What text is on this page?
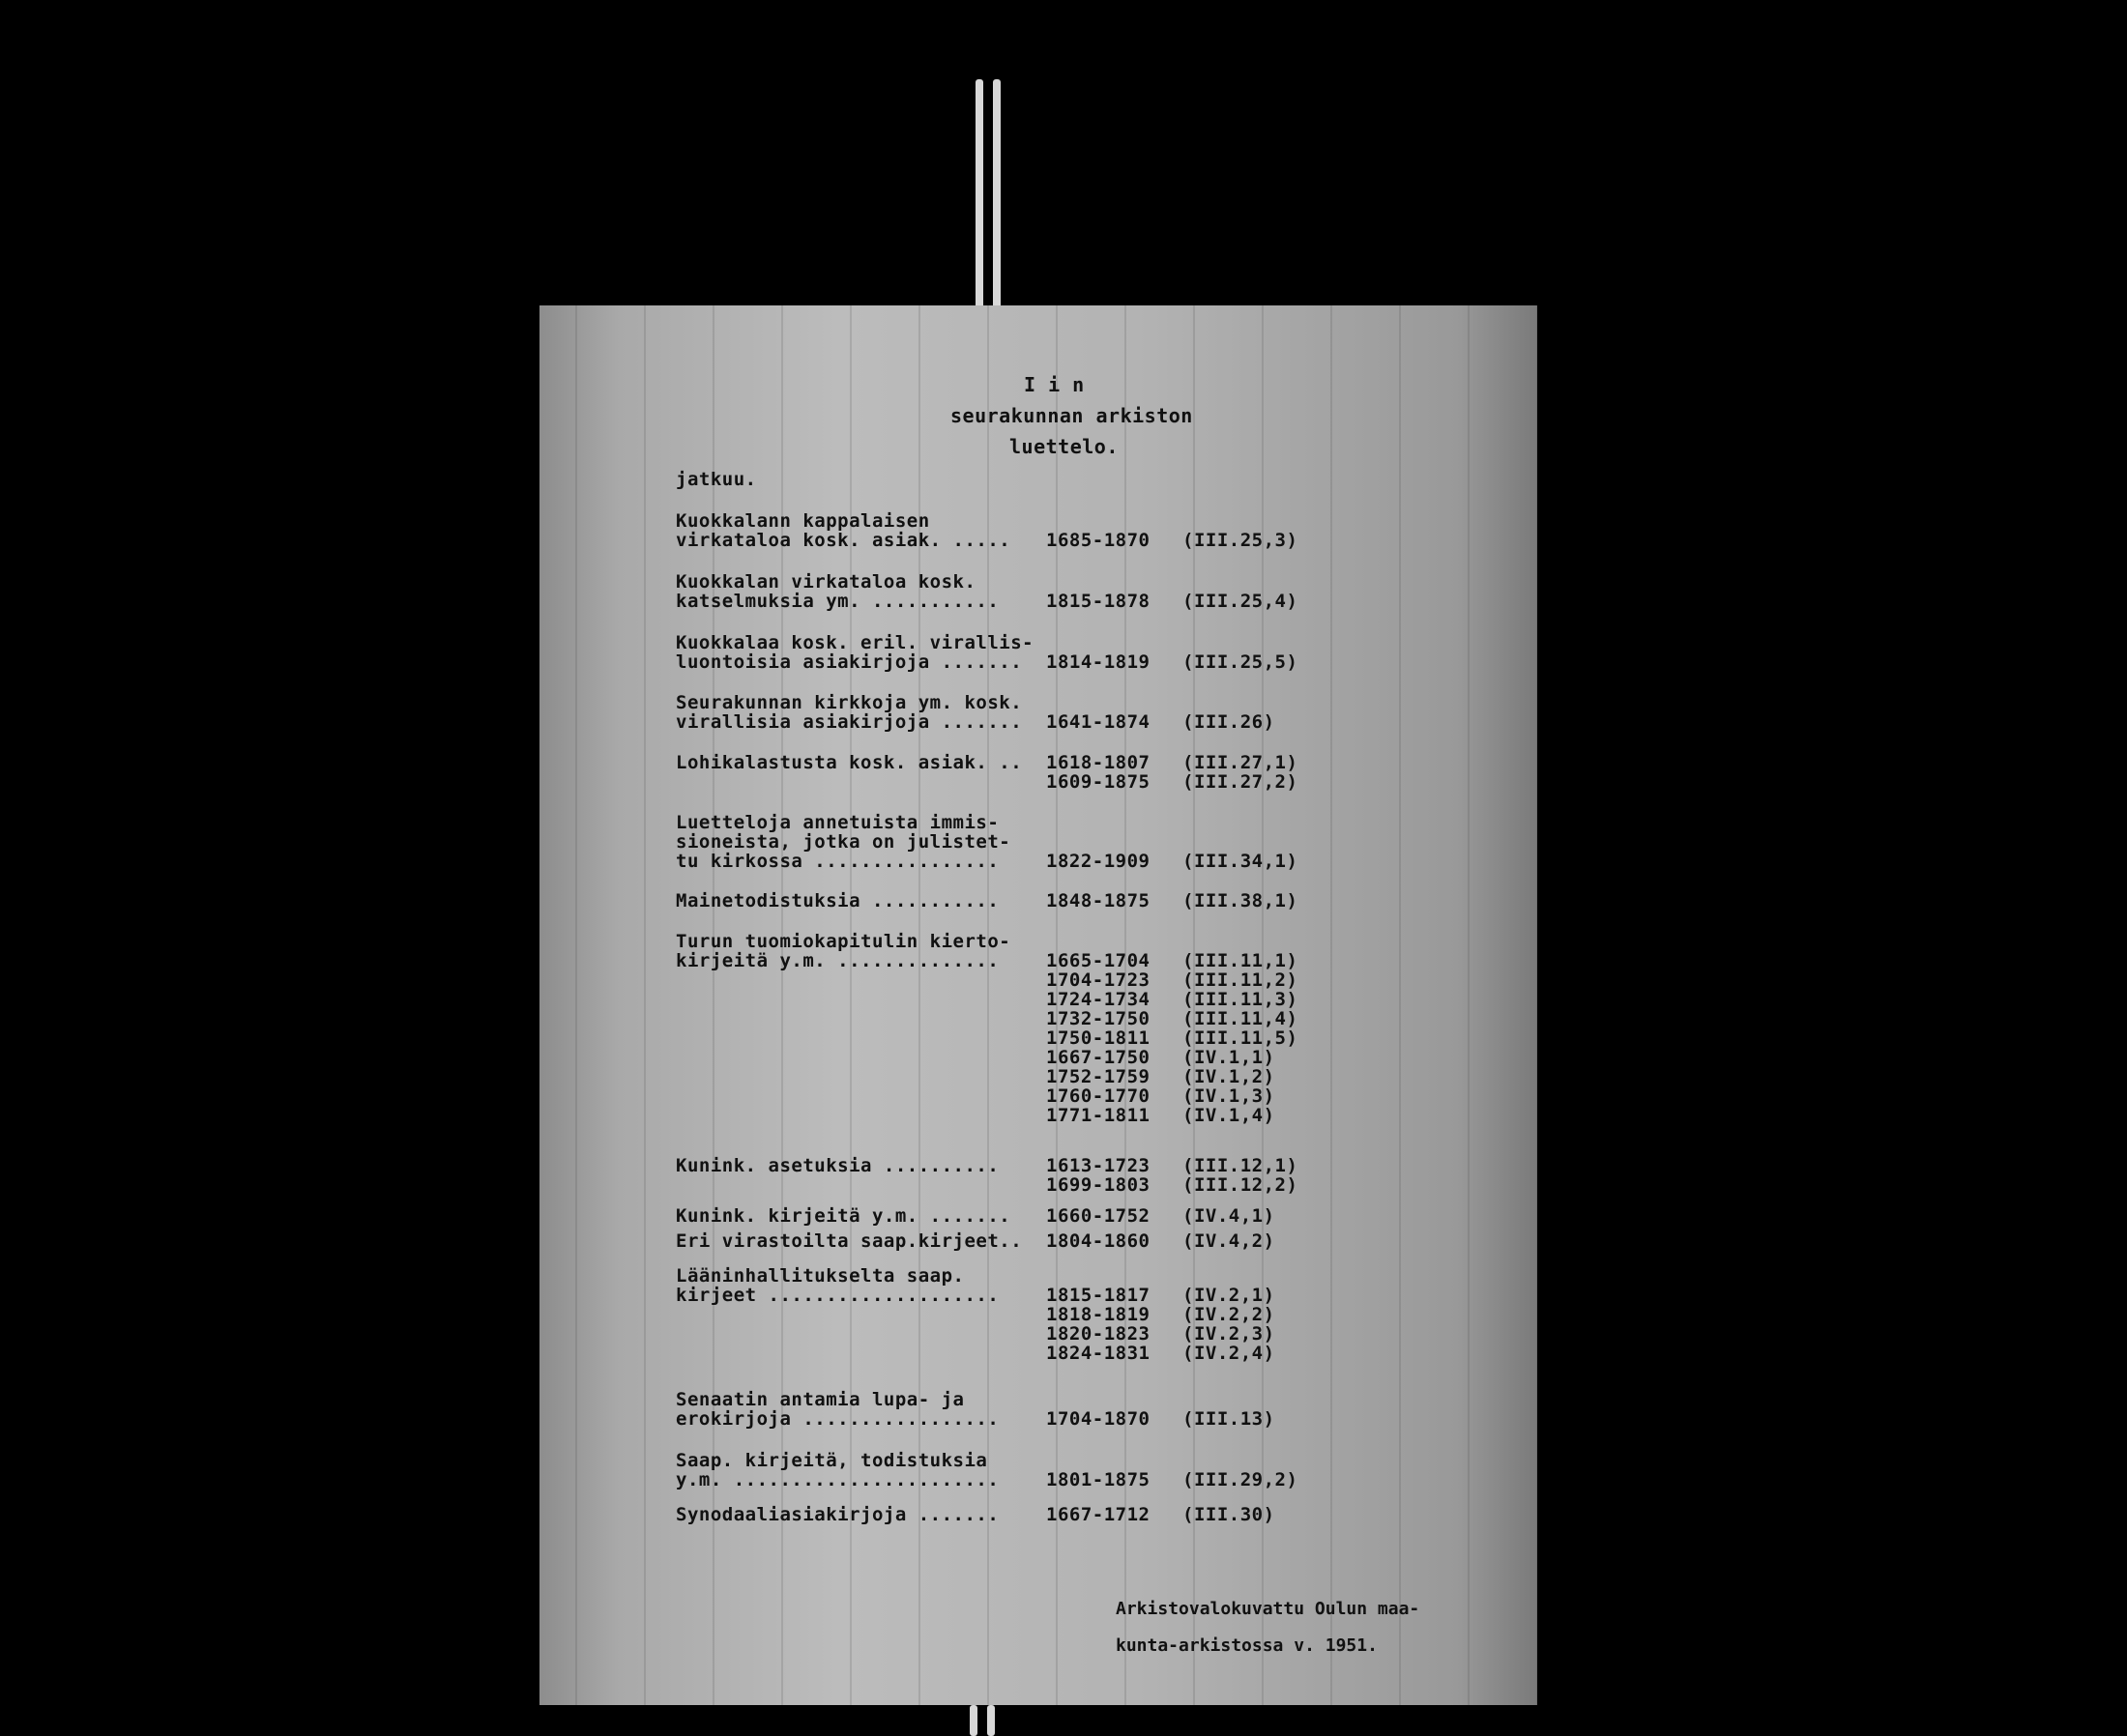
I i n
seurakunnan arkiston
luettelo.
jatkuu.
Kuokkalann kappalaisen
virkataloa kosk. asiak. ..... 1685-1870 (III.25,3)
Kuokkalan virkataloa kosk.
katselmuksia ym. ...........	1815-1878 (III.25,4)
Kuokkalaa kosk. eril. virallis-
luontoisia asiakirjoja .......	1814-1819 (III.25,5)
Seurakunnan kirkkoja ym. kosk.
virallisia asiakirjoja ....... 1641-1874 (III.26)
Lohikalastusta kosk. asiak. .. 1618-1807 (III.27,1)
1609-1875 (III.27,2)
Luetteloja annetuista immis-
sioneista, jotka on julistet-
tu kirkossa ................	1822-1909 (III.34,1)
Mainetodistuksia ...........	1848-1875 (III.38,1)
Turun tuomiokapitulin kierto-
kirjeitä y.m. ..............	1665-1704 (III.11,1)
1704-1723 (III.11,2)
1724-1734 (III.11,3)
1732-1750 (III.11,4)
1750-1811 (III.11,5)
1667-1750 (IV.1,1)
1752-1759 (IV.1,2)
1760-1770 (IV.1,3)
1771-1811 (IV.1,4)
Kunink. asetuksia ..........	1613-1723 (III.12,1)
1699-1803 (III.12,2)
Kunink. kirjeitä y.m. ....... 1660-1752 (IV.4,1)
Eri virastoilta saap.kirjeet.. 1804-1860 (IV.4,2)
Lääninhallitukselta saap.
kirjeet ....................	1815-1817 (IV.2,1)
1818-1819 (IV.2,2)
1820-1823 (IV.2,3)
1824-1831 (IV.2,4)
Senaatin antamia lupa- ja
erokirjoja .................	1704-1870 (III.13)
Saap. kirjeitä, todistuksia
y.m. .......................	1801-1875 (III.29,2)
Synodaaliasiakirjoja .......	1667-1712 (III.30)
Arkistovalokuvattu Oulun maa-
kunta-arkistossa v. 1951.
